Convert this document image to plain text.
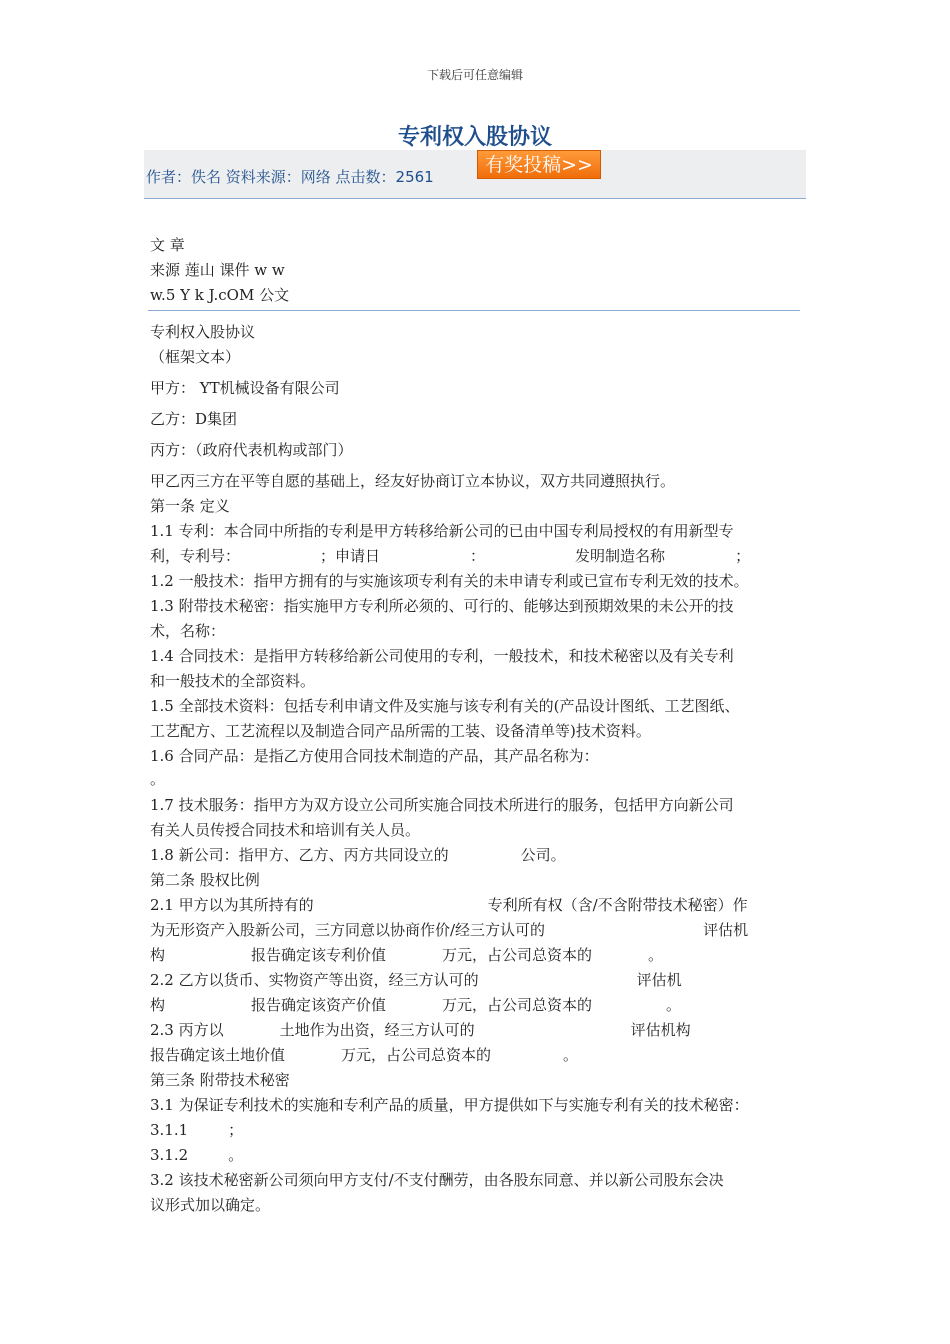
下载后可任意编辑
专利权入股协议
作者：佚名 资料来源：网络 点击数：2561
有奖投稿>>
文 章
来源 莲山 课件 w w
w.5 Y k J.cOM 公文
专利权入股协议
（框架文本）
甲方： YT机械设备有限公司
乙方：D集团
丙方：（政府代表机构或部门）
甲乙丙三方在平等自愿的基础上，经友好协商订立本协议，双方共同遵照执行。
第一条 定义
1.1 专利：本合同中所指的专利是甲方转移给新公司的已由中国专利局授权的有用新型专
利，专利号：	；申请日	：	发明制造名称	；
1.2 一般技术：指甲方拥有的与实施该项专利有关的未申请专利或已宣布专利无效的技术。
1.3 附带技术秘密：指实施甲方专利所必须的、可行的、能够达到预期效果的未公开的技
术，名称：
1.4 合同技术：是指甲方转移给新公司使用的专利，一般技术，和技术秘密以及有关专利
和一般技术的全部资料。
1.5 全部技术资料：包括专利申请文件及实施与该专利有关的(产品设计图纸、工艺图纸、
工艺配方、工艺流程以及制造合同产品所需的工装、设备清单等)技术资料。
1.6 合同产品：是指乙方使用合同技术制造的产品，其产品名称为：
。
1.7 技术服务：指甲方为双方设立公司所实施合同技术所进行的服务，包括甲方向新公司
有关人员传授合同技术和培训有关人员。
1.8 新公司：指甲方、乙方、丙方共同设立的	公司。
第二条 股权比例
2.1 甲方以为其所持有的	专利所有权（含/不含附带技术秘密）作
为无形资产入股新公司，三方同意以协商作价/经三方认可的	评估机
构	报告确定该专利价值	万元，占公司总资本的	。
2.2 乙方以货币、实物资产等出资，经三方认可的	评估机
构	报告确定该资产价值	万元，占公司总资本的	。
2.3 丙方以	土地作为出资，经三方认可的	评估机构
报告确定该土地价值	万元，占公司总资本的	。
第三条 附带技术秘密
3.1 为保证专利技术的实施和专利产品的质量，甲方提供如下与实施专利有关的技术秘密：
3.1.1	；
3.1.2	。
3.2 该技术秘密新公司须向甲方支付/不支付酬劳，由各股东同意、并以新公司股东会决
议形式加以确定。
